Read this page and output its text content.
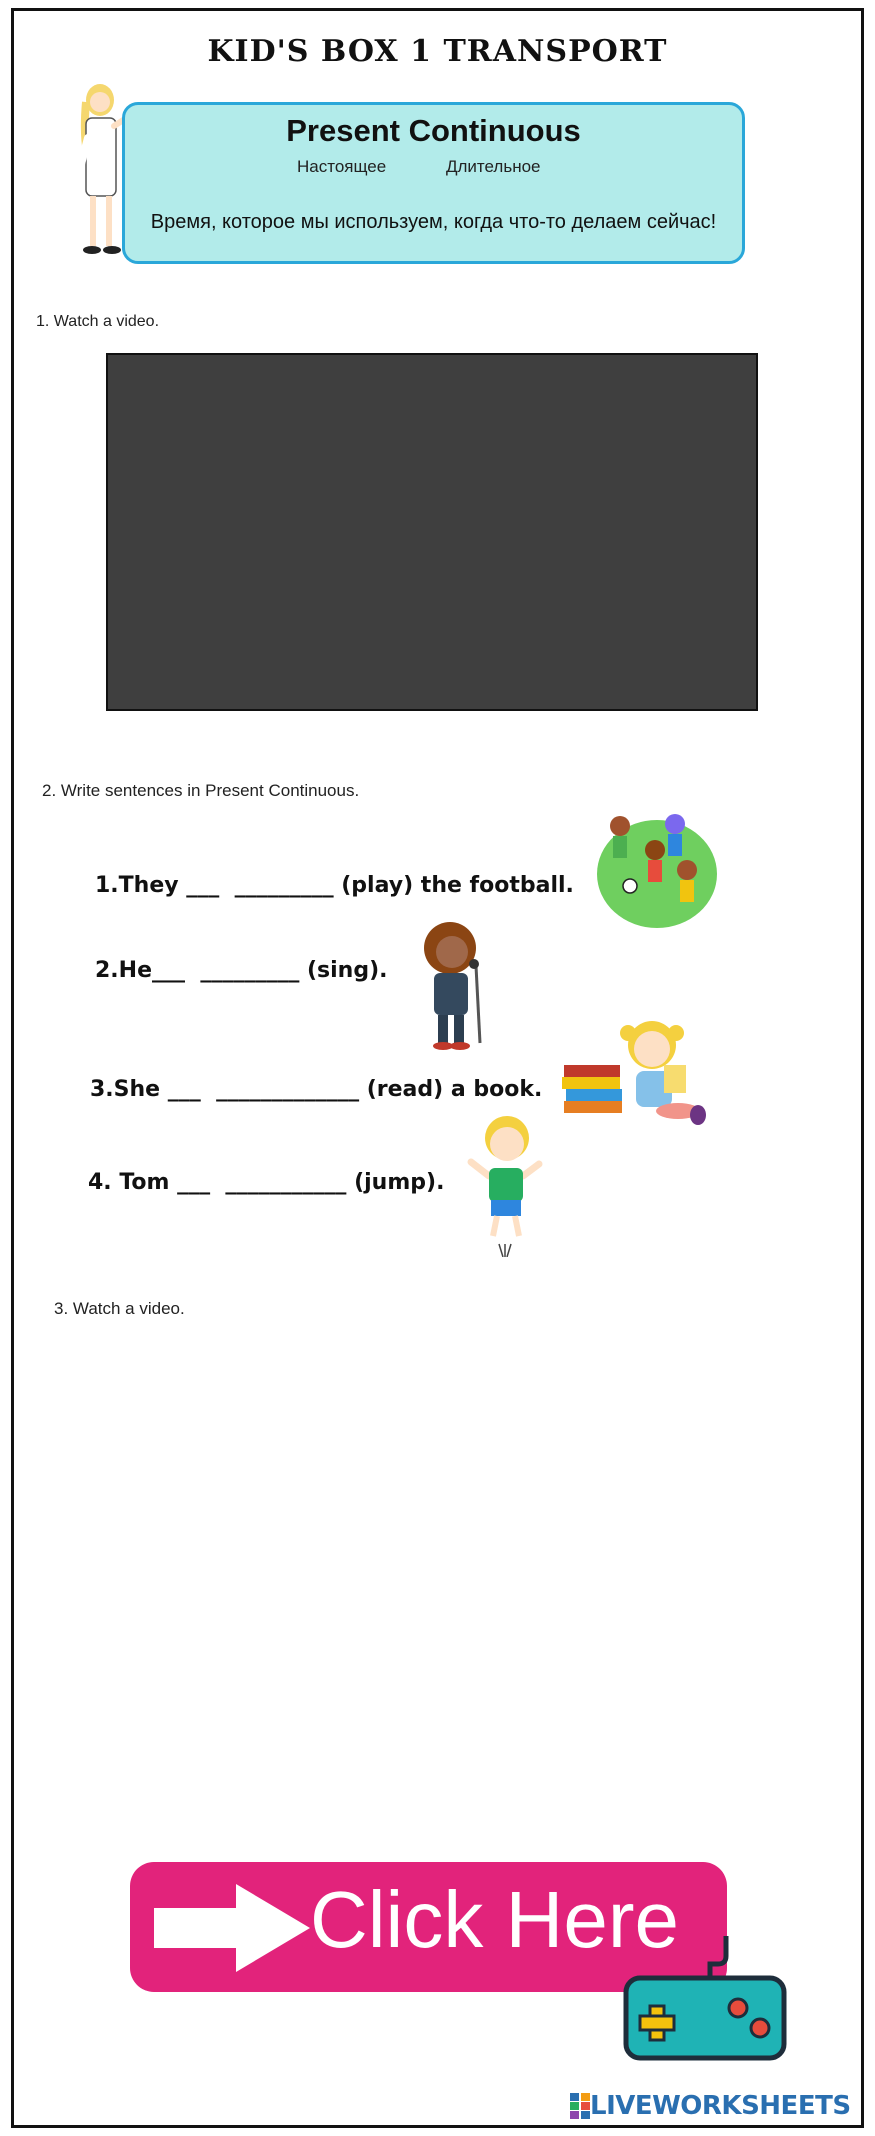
KID'S BOX 1 TRANSPORT
Present Continuous
Настоящее	Длительное
Время, которое мы используем, когда что-то делаем сейчас!
1. Watch a video.
2. Write sentences in Present Continuous.
1.They ___  _________ (play) the football.
2.He___  _________ (sing).
3.She ___  _____________ (read) a book.
4. Tom ___  ___________ (jump).
3. Watch a video.
Click Here
LIVEWORKSHEETS
